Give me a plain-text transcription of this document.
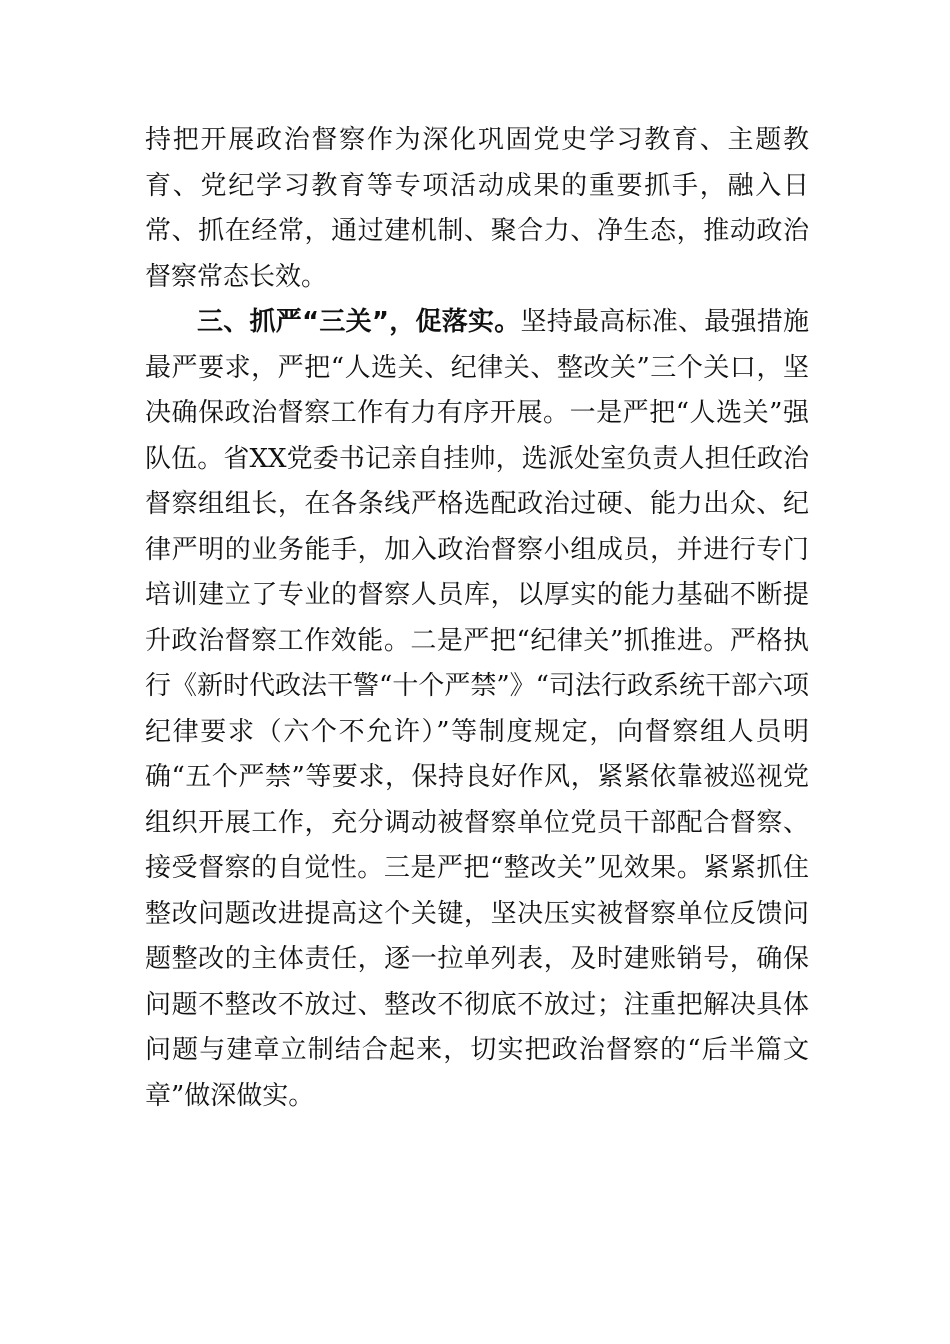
持把开展政治督察作为深化巩固党史学习教育、主题教育、党纪学习教育等专项活动成果的重要抓手，融入日常、抓在经常，通过建机制、聚合力、净生态，推动政治督察常态长效。

三、抓严“三关”，促落实。坚持最高标准、最强措施最严要求，严把“人选关、纪律关、整改关”三个关口，坚决确保政治督察工作有力有序开展。一是严把“人选关”强队伍。省XX党委书记亲自挂帅，选派处室负责人担任政治督察组组长，在各条线严格选配政治过硬、能力出众、纪律严明的业务能手，加入政治督察小组成员，并进行专门培训建立了专业的督察人员库，以厚实的能力基础不断提升政治督察工作效能。二是严把“纪律关”抓推进。严格执行《新时代政法干警“十个严禁”》“司法行政系统干部六项纪律要求（六个不允许）”等制度规定，向督察组人员明确“五个严禁”等要求，保持良好作风，紧紧依靠被巡视党组织开展工作，充分调动被督察单位党员干部配合督察、接受督察的自觉性。三是严把“整改关”见效果。紧紧抓住整改问题改进提高这个关键，坚决压实被督察单位反馈问题整改的主体责任，逐一拉单列表，及时建账销号，确保问题不整改不放过、整改不彻底不放过；注重把解决具体问题与建章立制结合起来，切实把政治督察的“后半篇文章”做深做实。
